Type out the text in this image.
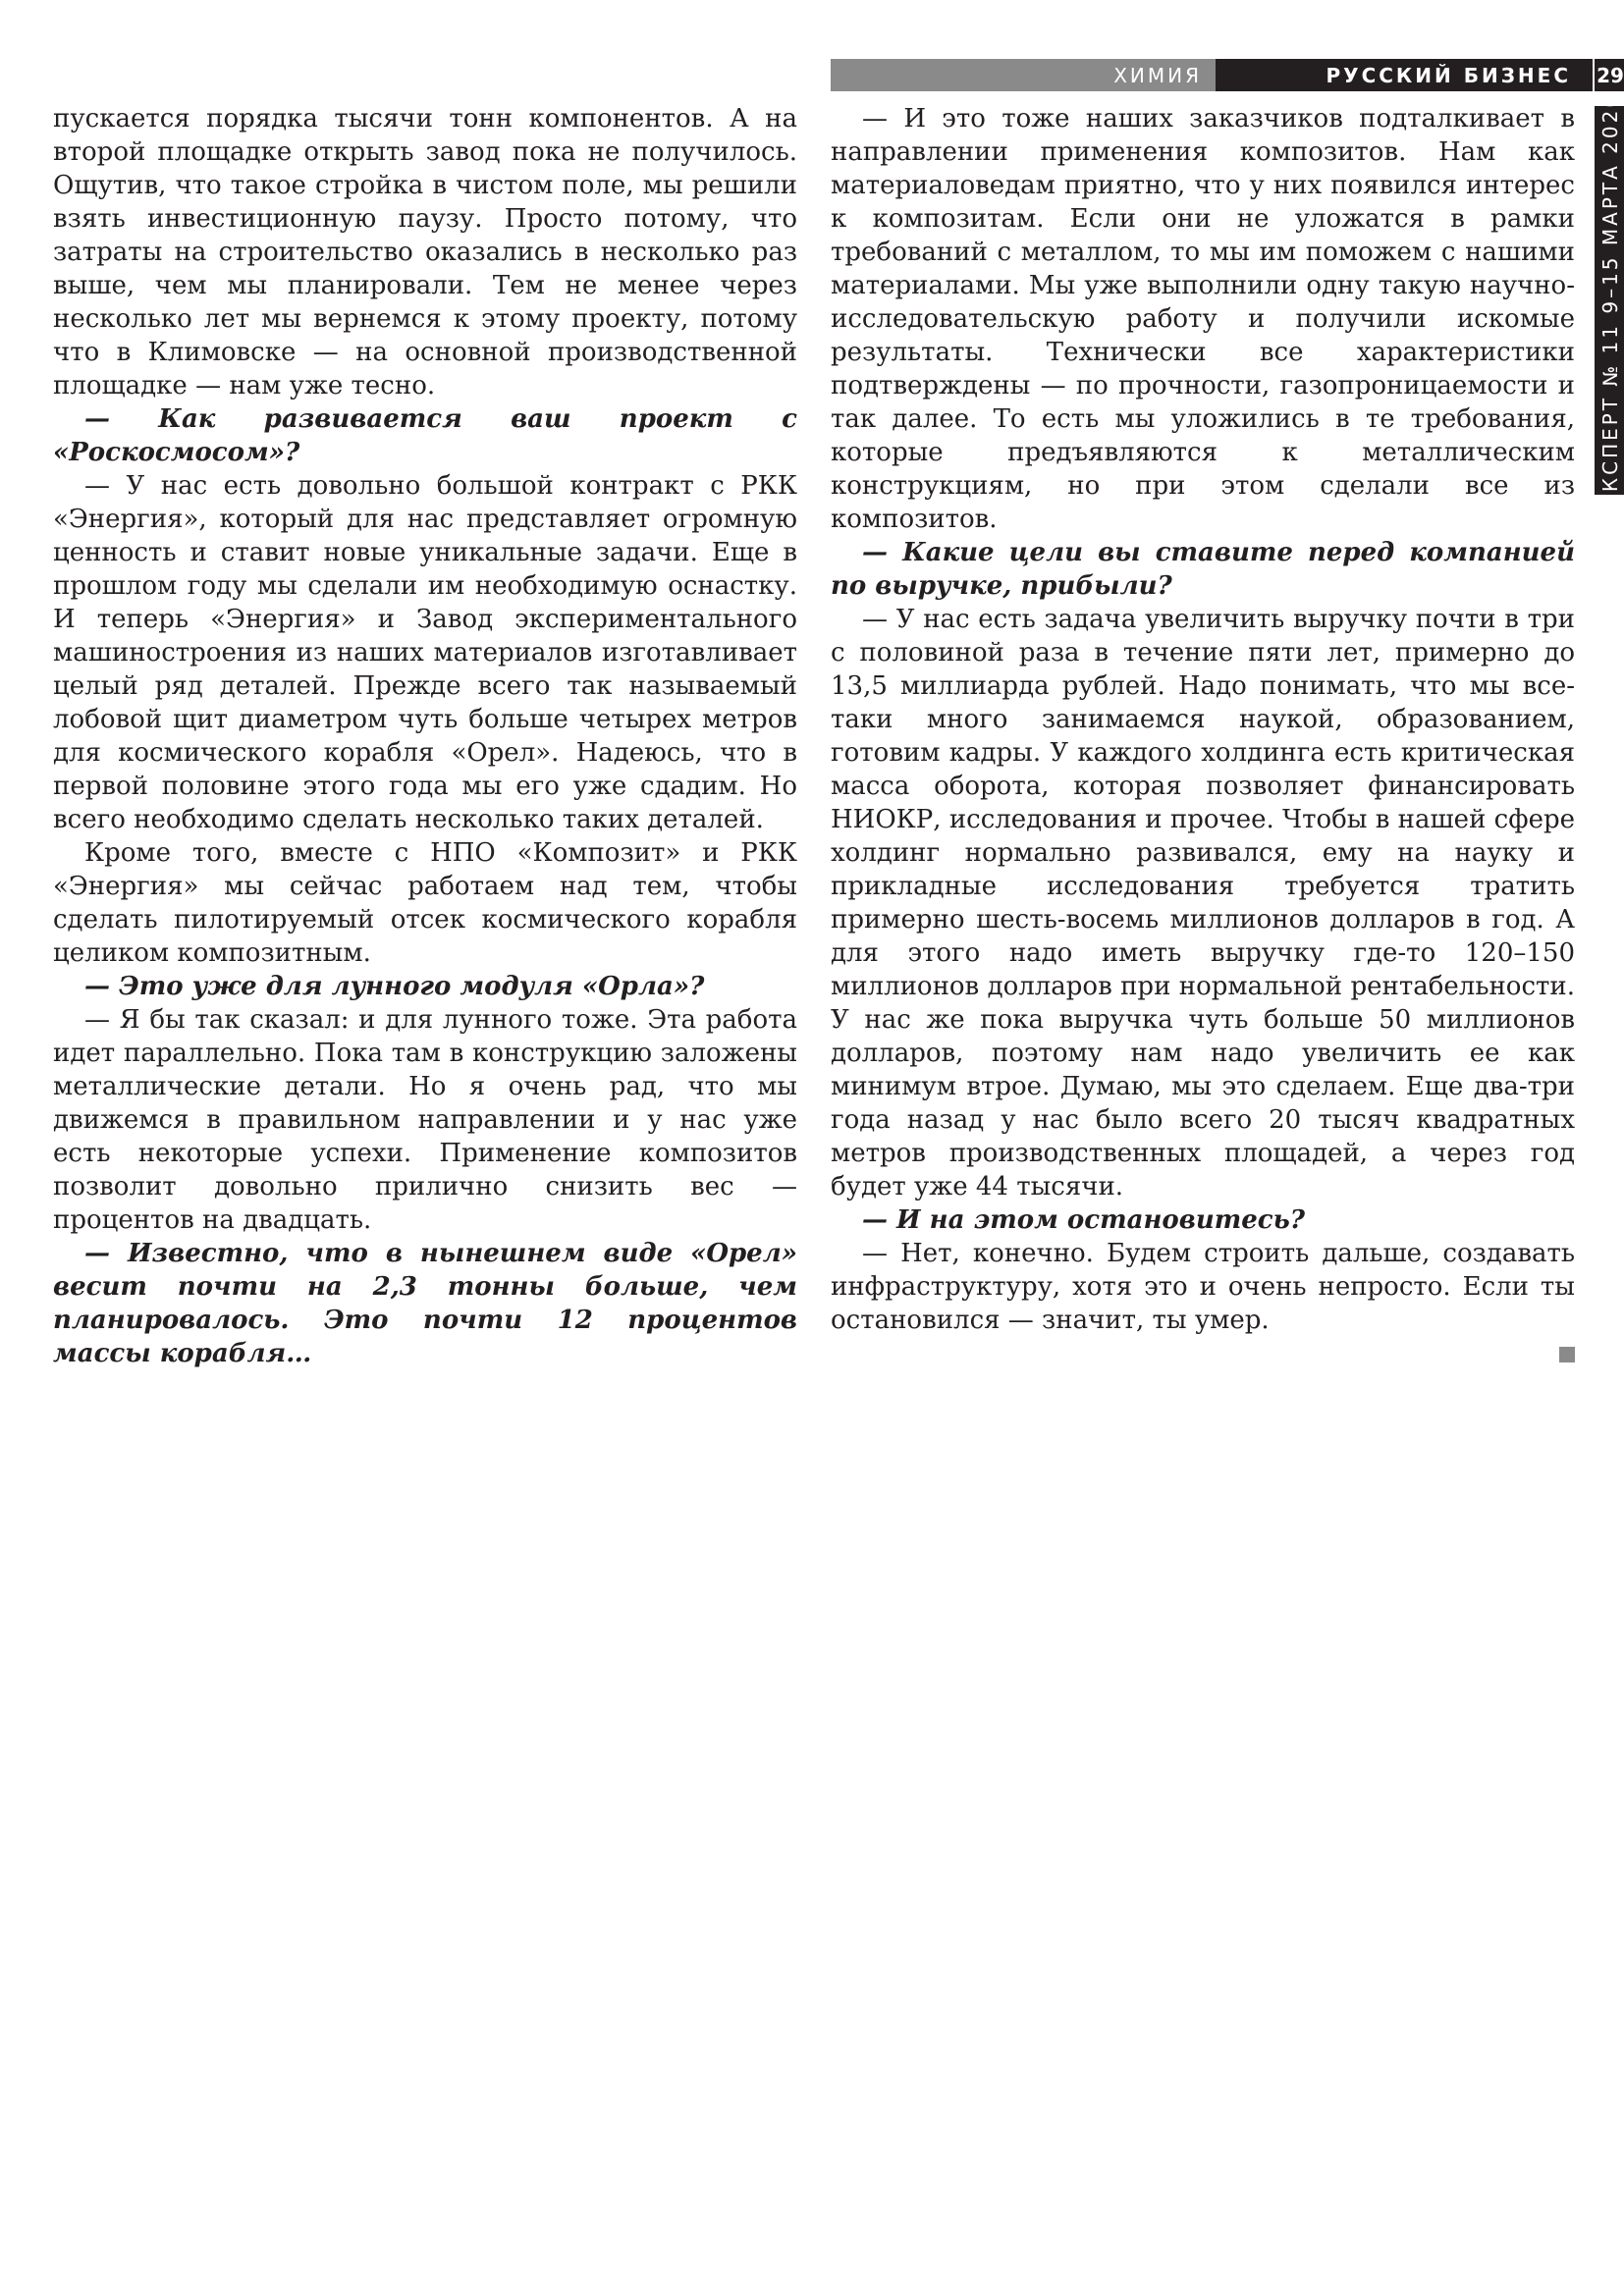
ХИМИЯ	РУССКИЙ БИЗНЕС	29
ЭКСПЕРТ № 11 9–15 МАРТА 2020

пускается порядка тысячи тонн компонентов. А на второй площадке открыть завод пока не получилось. Ощутив, что такое стройка в чистом поле, мы решили взять инвестиционную паузу. Просто потому, что затраты на строительство оказались в несколько раз выше, чем мы планировали. Тем не менее через несколько лет мы вернемся к этому проекту, потому что в Климовске — на основной производственной площадке — нам уже тесно.

— Как развивается ваш проект с «Роскосмосом»?

— У нас есть довольно большой контракт с РКК «Энергия», который для нас представляет огромную ценность и ставит новые уникальные задачи. Еще в прошлом году мы сделали им необходимую оснастку. И теперь «Энергия» и Завод экспериментального машиностроения из наших материалов изготавливает целый ряд деталей. Прежде всего так называемый лобовой щит диаметром чуть больше четырех метров для космического корабля «Орел». Надеюсь, что в первой половине этого года мы его уже сдадим. Но всего необходимо сделать несколько таких деталей.

Кроме того, вместе с НПО «Композит» и РКК «Энергия» мы сейчас работаем над тем, чтобы сделать пилотируемый отсек космического корабля целиком композитным.

— Это уже для лунного модуля «Орла»?

— Я бы так сказал: и для лунного тоже. Эта работа идет параллельно. Пока там в конструкцию заложены металлические детали. Но я очень рад, что мы движемся в правильном направлении и у нас уже есть некоторые успехи. Применение композитов позволит довольно прилично снизить вес — процентов на двадцать.

— Известно, что в нынешнем виде «Орел» весит почти на 2,3 тонны больше, чем планировалось. Это почти 12 процентов массы корабля…

— И это тоже наших заказчиков подталкивает в направлении применения композитов. Нам как материаловедам приятно, что у них появился интерес к композитам. Если они не уложатся в рамки требований с металлом, то мы им поможем с нашими материалами. Мы уже выполнили одну такую научно-исследовательскую работу и получили искомые результаты. Технически все характеристики подтверждены — по прочности, газопроницаемости и так далее. То есть мы уложились в те требования, которые предъявляются к металлическим конструкциям, но при этом сделали все из композитов.

— Какие цели вы ставите перед компанией по выручке, прибыли?

— У нас есть задача увеличить выручку почти в три с половиной раза в течение пяти лет, примерно до 13,5 миллиарда рублей. Надо понимать, что мы все-таки много занимаемся наукой, образованием, готовим кадры. У каждого холдинга есть критическая масса оборота, которая позволяет финансировать НИОКР, исследования и прочее. Чтобы в нашей сфере холдинг нормально развивался, ему на науку и прикладные исследования требуется тратить примерно шесть-восемь миллионов долларов в год. А для этого надо иметь выручку где-то 120–150 миллионов долларов при нормальной рентабельности. У нас же пока выручка чуть больше 50 миллионов долларов, поэтому нам надо увеличить ее как минимум втрое. Думаю, мы это сделаем. Еще два-три года назад у нас было всего 20 тысяч квадратных метров производственных площадей, а через год будет уже 44 тысячи.

— И на этом остановитесь?

— Нет, конечно. Будем строить дальше, создавать инфраструктуру, хотя это и очень непросто. Если ты остановился — значит, ты умер.
